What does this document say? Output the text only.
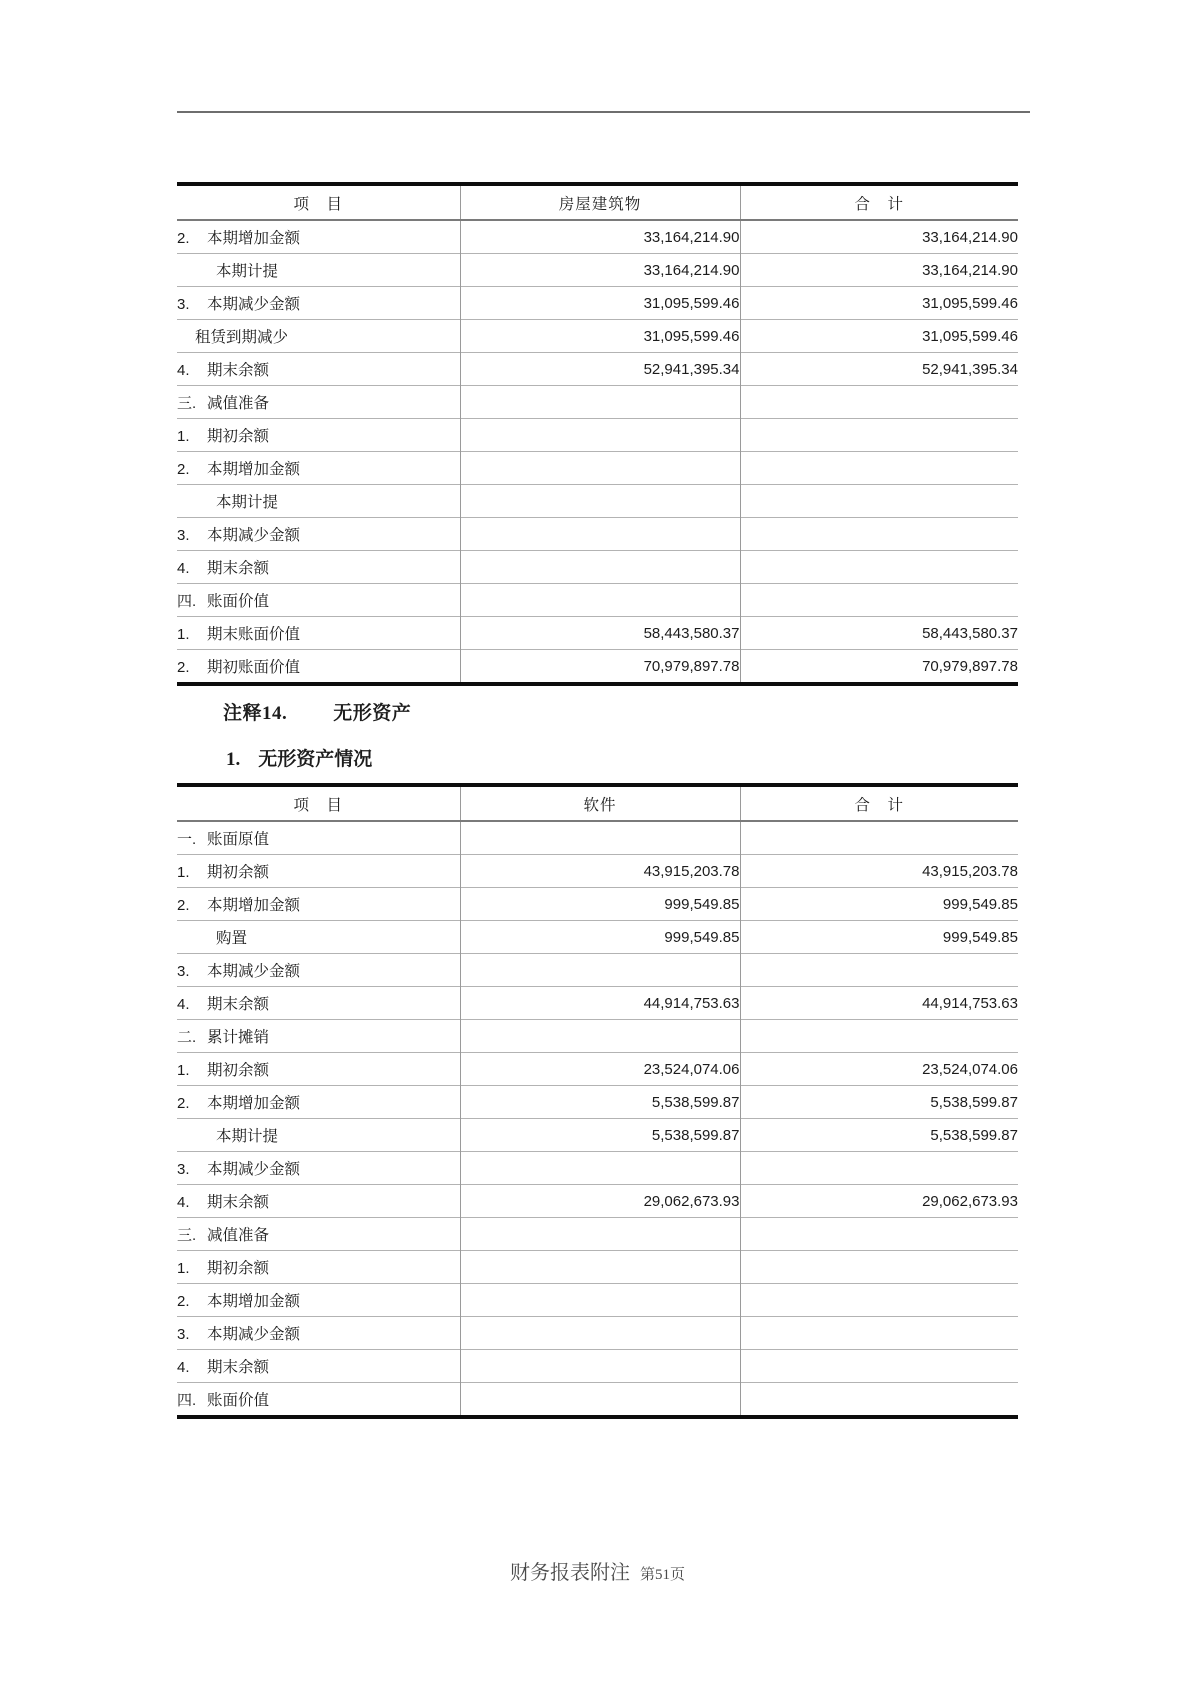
项　目	房屋建筑物	合　计
2. 本期增加金额	33,164,214.90	33,164,214.90
本期计提	33,164,214.90	33,164,214.90
3. 本期减少金额	31,095,599.46	31,095,599.46
租赁到期减少	31,095,599.46	31,095,599.46
4. 期末余额	52,941,395.34	52,941,395.34
三. 减值准备		
1. 期初余额		
2. 本期增加金额		
本期计提		
3. 本期减少金额		
4. 期末余额		
四. 账面价值		
1. 期末账面价值	58,443,580.37	58,443,580.37
2. 期初账面价值	70,979,897.78	70,979,897.78
注释14. 无形资产
1. 无形资产情况
项　目	软件	合　计
一. 账面原值		
1. 期初余额	43,915,203.78	43,915,203.78
2. 本期增加金额	999,549.85	999,549.85
购置	999,549.85	999,549.85
3. 本期减少金额		
4. 期末余额	44,914,753.63	44,914,753.63
二. 累计摊销		
1. 期初余额	23,524,074.06	23,524,074.06
2. 本期增加金额	5,538,599.87	5,538,599.87
本期计提	5,538,599.87	5,538,599.87
3. 本期减少金额		
4. 期末余额	29,062,673.93	29,062,673.93
三. 减值准备		
1. 期初余额		
2. 本期增加金额		
3. 本期减少金额		
4. 期末余额		
四. 账面价值		
财务报表附注 第51页
